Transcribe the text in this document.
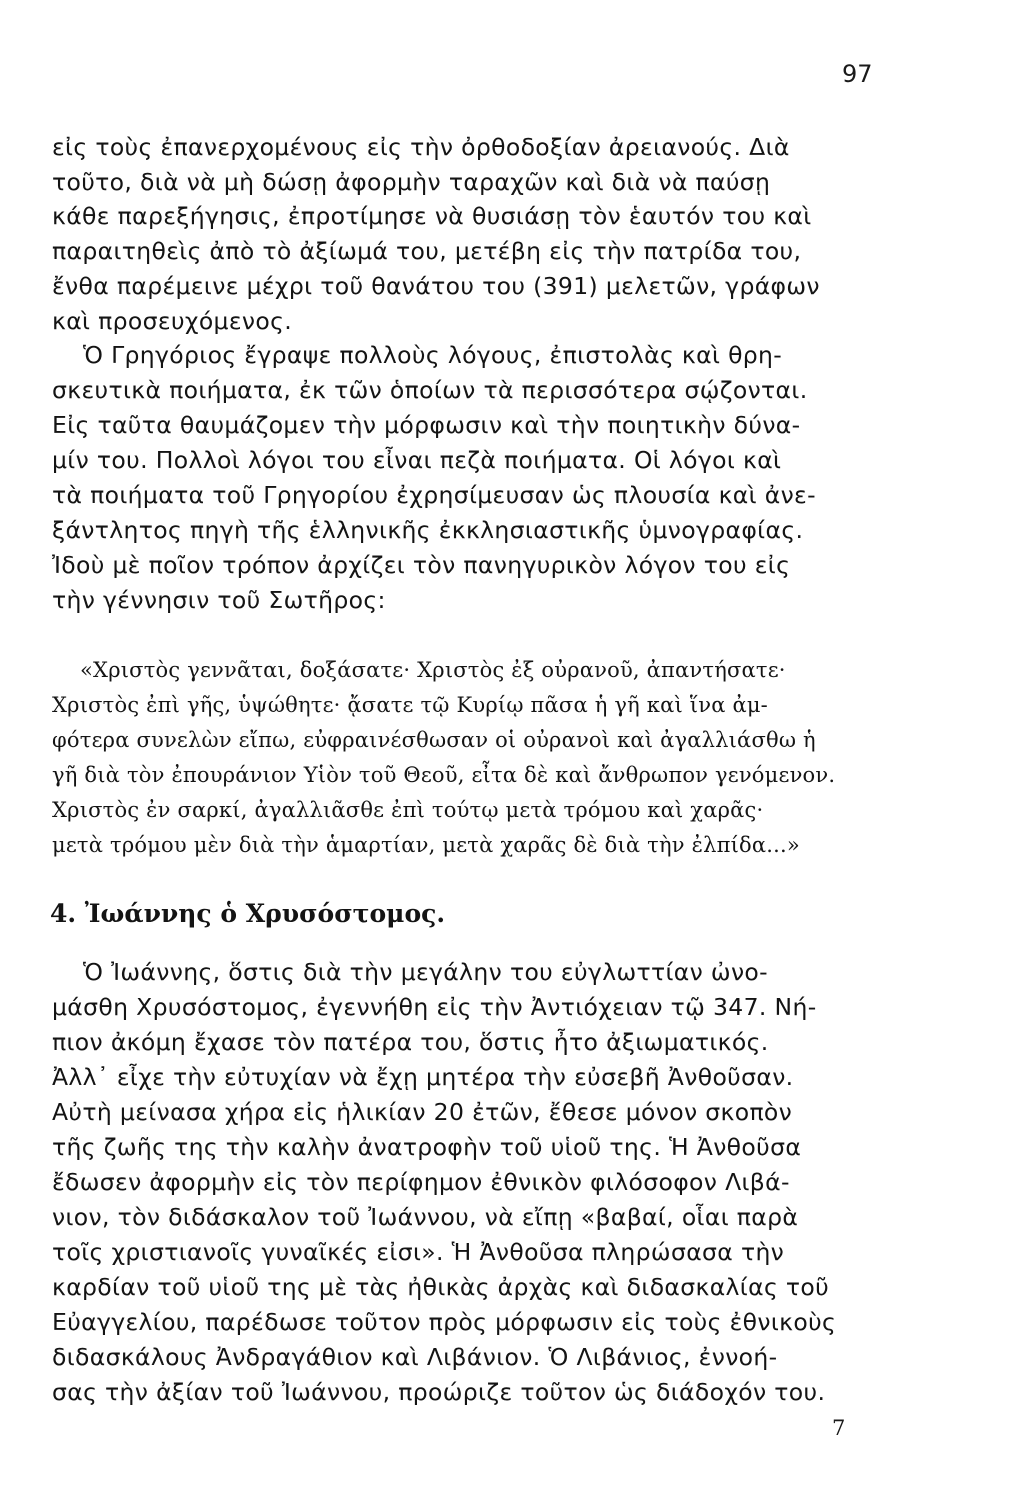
97
εἰς τοὺς ἐπανερχομένους εἰς τὴν ὀρθοδοξίαν ἀρειανούς. Διὰ
τοῦτο, διὰ νὰ μὴ δώσῃ ἀφορμὴν ταραχῶν καὶ διὰ νὰ παύσῃ
κάθε παρεξήγησις, ἐπροτίμησε νὰ θυσιάσῃ τὸν ἑαυτόν του καὶ
παραιτηθεὶς ἀπὸ τὸ ἀξίωμά του, μετέβη εἰς τὴν πατρίδα του,
ἔνθα παρέμεινε μέχρι τοῦ θανάτου του (391) μελετῶν, γράφων
καὶ προσευχόμενος.
Ὁ Γρηγόριος ἔγραψε πολλοὺς λόγους, ἐπιστολὰς καὶ θρη-
σκευτικὰ ποιήματα, ἐκ τῶν ὁποίων τὰ περισσότερα σῴζονται.
Εἰς ταῦτα θαυμάζομεν τὴν μόρφωσιν καὶ τὴν ποιητικὴν δύνα-
μίν του. Πολλοὶ λόγοι του εἶναι πεζὰ ποιήματα. Οἱ λόγοι καὶ
τὰ ποιήματα τοῦ Γρηγορίου ἐχρησίμευσαν ὡς πλουσία καὶ ἀνε-
ξάντλητος πηγὴ τῆς ἑλληνικῆς ἐκκλησιαστικῆς ὑμνογραφίας.
Ἰδοὺ μὲ ποῖον τρόπον ἀρχίζει τὸν πανηγυρικὸν λόγον του εἰς
τὴν γέννησιν τοῦ Σωτῆρος:
«Χριστὸς γεννᾶται, δοξάσατε· Χριστὸς ἐξ οὐρανοῦ, ἀπαντήσατε·
Χριστὸς ἐπὶ γῆς, ὑψώθητε· ᾄσατε τῷ Κυρίῳ πᾶσα ἡ γῆ καὶ ἵνα ἀμ-
φότερα συνελὼν εἴπω, εὐφραινέσθωσαν οἱ οὐρανοὶ καὶ ἀγαλλιάσθω ἡ
γῆ διὰ τὸν ἐπουράνιον Υἱὸν τοῦ Θεοῦ, εἶτα δὲ καὶ ἄνθρωπον γενόμενον.
Χριστὸς ἐν σαρκί, ἀγαλλιᾶσθε ἐπὶ τούτῳ μετὰ τρόμου καὶ χαρᾶς·
μετὰ τρόμου μὲν διὰ τὴν ἁμαρτίαν, μετὰ χαρᾶς δὲ διὰ τὴν ἐλπίδα...»
4. Ἰωάννης ὁ Χρυσόστομος.
Ὁ Ἰωάννης, ὅστις διὰ τὴν μεγάλην του εὐγλωττίαν ὠνο-
μάσθη Χρυσόστομος, ἐγεννήθη εἰς τὴν Ἀντιόχειαν τῷ 347. Νή-
πιον ἀκόμη ἔχασε τὸν πατέρα του, ὅστις ἦτο ἀξιωματικός.
Ἀλλ᾽ εἶχε τὴν εὐτυχίαν νὰ ἔχῃ μητέρα τὴν εὐσεβῆ Ἀνθοῦσαν.
Αὐτὴ μείνασα χήρα εἰς ἡλικίαν 20 ἐτῶν, ἔθεσε μόνον σκοπὸν
τῆς ζωῆς της τὴν καλὴν ἀνατροφὴν τοῦ υἱοῦ της. Ἡ Ἀνθοῦσα
ἔδωσεν ἀφορμὴν εἰς τὸν περίφημον ἐθνικὸν φιλόσοφον Λιβά-
νιον, τὸν διδάσκαλον τοῦ Ἰωάννου, νὰ εἴπῃ «βαβαί, οἷαι παρὰ
τοῖς χριστιανοῖς γυναῖκές εἰσι». Ἡ Ἀνθοῦσα πληρώσασα τὴν
καρδίαν τοῦ υἱοῦ της μὲ τὰς ἠθικὰς ἀρχὰς καὶ διδασκαλίας τοῦ
Εὐαγγελίου, παρέδωσε τοῦτον πρὸς μόρφωσιν εἰς τοὺς ἐθνικοὺς
διδασκάλους Ἀνδραγάθιον καὶ Λιβάνιον. Ὁ Λιβάνιος, ἐννοή-
σας τὴν ἀξίαν τοῦ Ἰωάννου, προώριζε τοῦτον ὡς διάδοχόν του.
7
